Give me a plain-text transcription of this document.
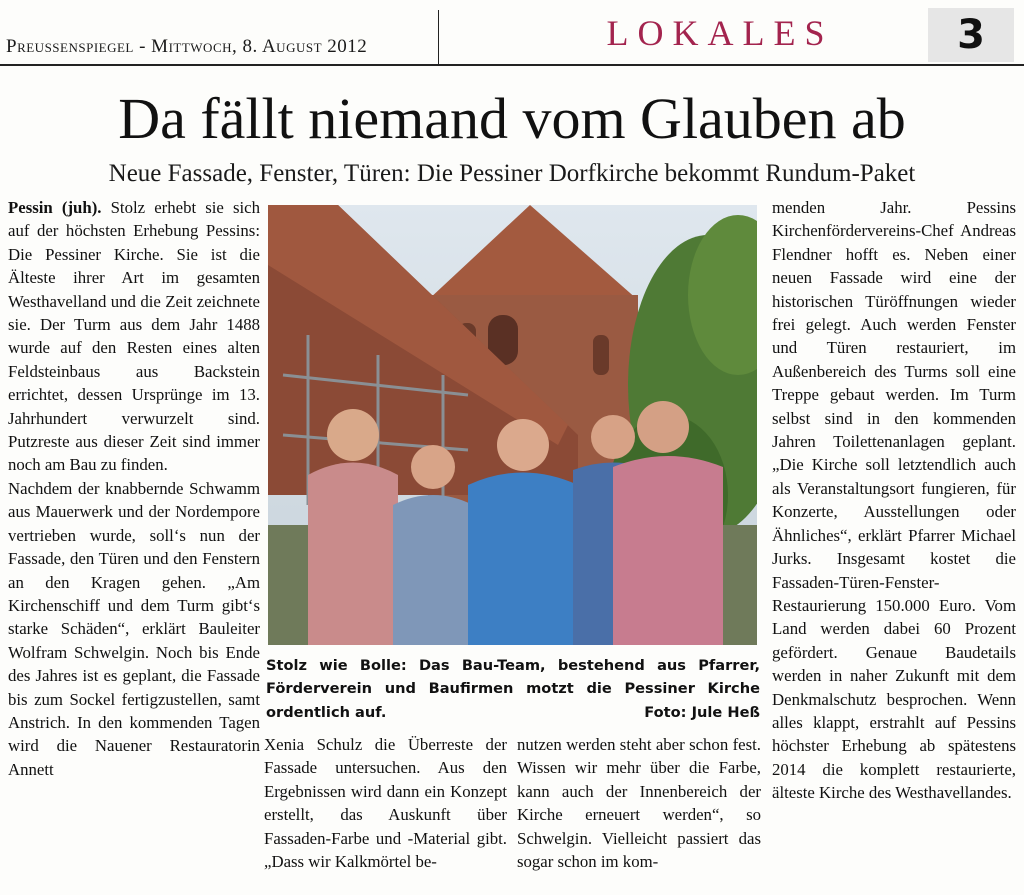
Preussenspiegel - Mittwoch, 8. August 2012	LOKALES	3
Da fällt niemand vom Glauben ab
Neue Fassade, Fenster, Türen: Die Pessiner Dorfkirche bekommt Rundum-Paket

Pessin (juh). Stolz erhebt sie sich auf der höchsten Erhebung Pessins: Die Pessiner Kirche. Sie ist die Älteste ihrer Art im gesamten Westhavelland und die Zeit zeichnete sie. Der Turm aus dem Jahr 1488 wurde auf den Resten eines alten Feldsteinbaus aus Backstein errichtet, dessen Ursprünge im 13. Jahrhundert verwurzelt sind. Putzreste aus dieser Zeit sind immer noch am Bau zu finden.

Nachdem der knabbernde Schwamm aus Mauerwerk und der Nordempore vertrieben wurde, soll‘s nun der Fassade, den Türen und den Fenstern an den Kragen gehen. „Am Kirchenschiff und dem Turm gibt‘s starke Schäden“, erklärt Bauleiter Wolfram Schwelgin. Noch bis Ende des Jahres ist es geplant, die Fassade bis zum Sockel fertigzustellen, samt Anstrich. In den kommenden Tagen wird die Nauener Restauratorin Annett

Stolz wie Bolle: Das Bau-Team, bestehend aus Pfarrer, Förderverein und Baufirmen motzt die Pessiner Kirche ordentlich auf.	Foto: Jule Heß
Xenia Schulz die Überreste der Fassade untersuchen. Aus den Ergebnissen wird dann ein Konzept erstellt, das Auskunft über Fassaden-Farbe und -Material gibt. „Dass wir Kalkmörtel be-
nutzen werden steht aber schon fest. Wissen wir mehr über die Farbe, kann auch der Innenbereich der Kirche erneuert werden“, so Schwelgin. Vielleicht passiert das sogar schon im kom-
menden Jahr. Pessins Kirchenfördervereins-Chef Andreas Flendner hofft es. Neben einer neuen Fassade wird eine der historischen Türöffnungen wieder frei gelegt. Auch werden Fenster und Türen restauriert, im Außenbereich des Turms soll eine Treppe gebaut werden. Im Turm selbst sind in den kommenden Jahren Toilettenanlagen geplant. „Die Kirche soll letztendlich auch als Veranstaltungsort fungieren, für Konzerte, Ausstellungen oder Ähnliches“, erklärt Pfarrer Michael Jurks. Insgesamt kostet die Fassaden-Türen-Fenster-Restaurierung 150.000 Euro. Vom Land werden dabei 60 Prozent gefördert. Genaue Baudetails werden in naher Zukunft mit dem Denkmalschutz besprochen. Wenn alles klappt, erstrahlt auf Pessins höchster Erhebung ab spätestens 2014 die komplett restaurierte, älteste Kirche des Westhavellandes.
